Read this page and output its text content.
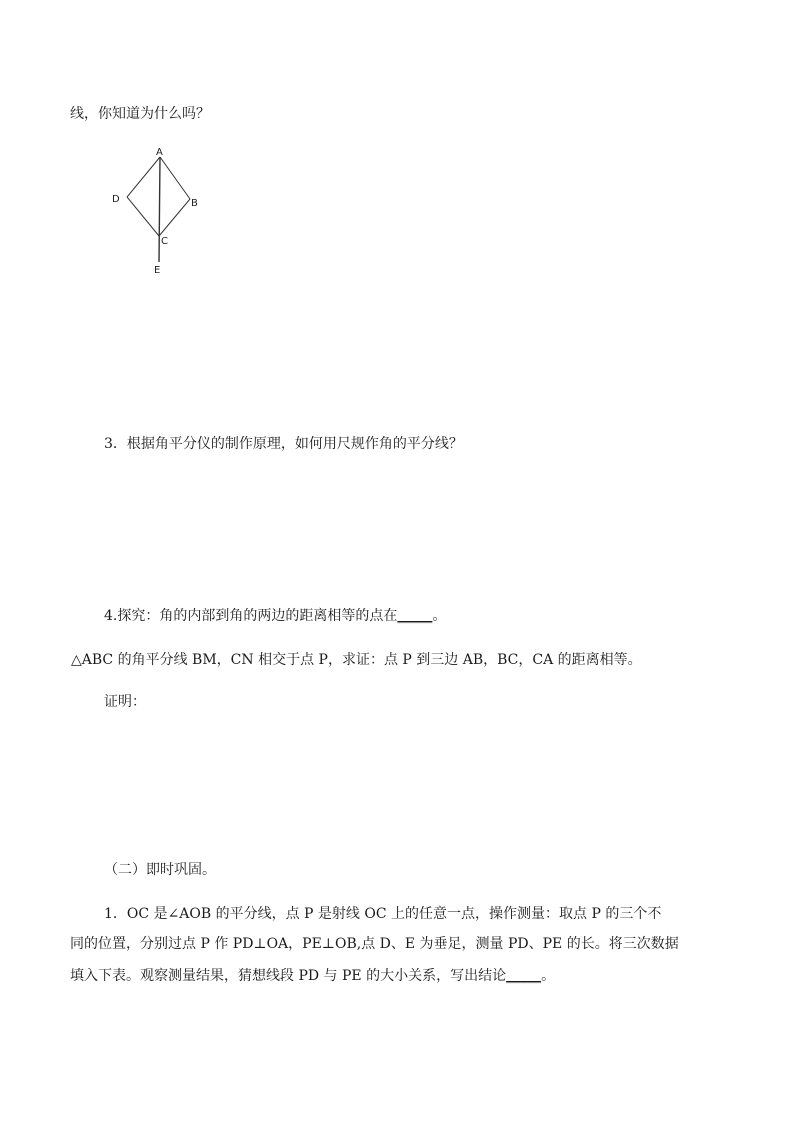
线，你知道为什么吗？
A
B
C
D
E
3．根据角平分仪的制作原理，如何用尺规作角的平分线？
4.探究：角的内部到角的两边的距离相等的点在_____。
△ABC 的角平分线 BM，CN 相交于点 P，求证：点 P 到三边 AB，BC，CA 的距离相等。
证明：
（二）即时巩固。
1．OC 是∠AOB 的平分线，点 P 是射线 OC 上的任意一点，操作测量：取点 P 的三个不
同的位置，分别过点 P 作 PD⊥OA，PE⊥OB,点 D、E 为垂足，测量 PD、PE 的长。将三次数据
填入下表。观察测量结果，猜想线段 PD 与 PE 的大小关系，写出结论_____。
